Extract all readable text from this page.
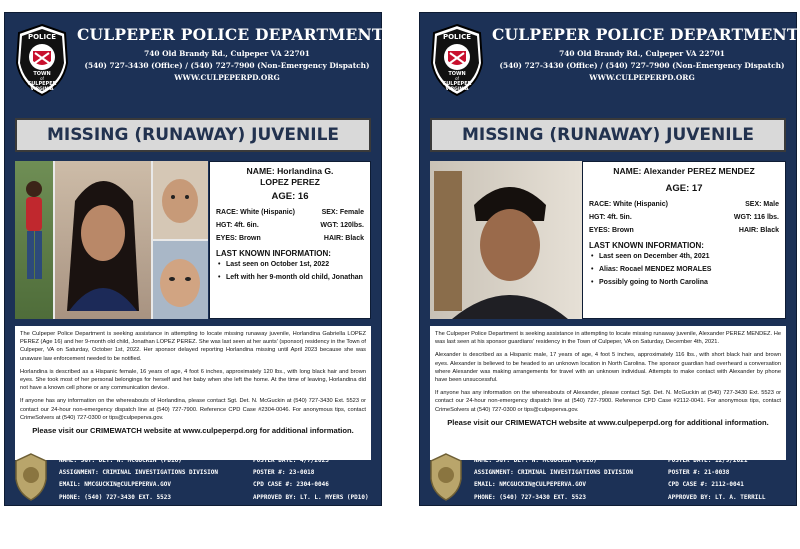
POLICE
TOWN
of
CULPEPER
VIRGINIA
CULPEPER POLICE DEPARTMENT
740 Old Brandy Rd., Culpeper VA 22701
(540) 727-3430 (Office) / (540) 727-7900 (Non-Emergency Dispatch)
WWW.CULPEPERPD.ORG
MISSING (RUNAWAY) JUVENILE
NAME: Horlandina G.
LOPEZ PEREZ
AGE: 16
RACE: White (Hispanic)	SEX: Female
HGT: 4ft. 6in.	WGT: 120lbs.
EYES: Brown	HAIR: Black
LAST KNOWN INFORMATION:
• Last seen on October 1st, 2022
• Left with her 9-month old child, Jonathan

The Culpeper Police Department is seeking assistance in attempting to locate missing runaway juvenile, Horlandina Gabriella LOPEZ PEREZ (Age 16) and her 9-month old child, Jonathan LOPEZ PEREZ. She was last seen at her aunts' (sponsor) residency in the Town of Culpeper, VA on Saturday, October 1st, 2022. Her sponsor delayed reporting Horlandina missing until April 2023 because she was unaware law enforcement needed to be notified.

Horlandina is described as a Hispanic female, 16 years of age, 4 foot 6 inches, approximately 120 lbs., with long black hair and brown eyes. She took most of her personal belongings for herself and her baby when she left the home. At the time of leaving, Horlandina did not have a known cell phone or any communication device.

If anyone has any information on the whereabouts of Horlandina, please contact Sgt. Det. N. McGuckin at (540) 727-3430 Ext. 5523 or contact our 24-hour non-emergency dispatch line at (540) 727-7900. Reference CPD Case #2304-0046. For anonymous tips, contact CrimeSolvers at (540) 727-0300 or tips@culpeperva.gov.

Please visit our CRIMEWATCH website at www.culpeperpd.org for additional information.
NAME: SGT. DET. N. MCGUCKIN (PD16)
ASSIGNMENT: CRIMINAL INVESTIGATIONS DIVISION
EMAIL: NMCGUCKIN@CULPEPERVA.GOV
PHONE: (540) 727-3430 EXT. 5523
POSTER DATE: 4/7/2023
POSTER #: 23-0018
CPD CASE #: 2304-0046
APPROVED BY: LT. L. MYERS (PD10)
POLICE
TOWN
of
CULPEPER
VIRGINIA
CULPEPER POLICE DEPARTMENT
740 Old Brandy Rd., Culpeper VA 22701
(540) 727-3430 (Office) / (540) 727-7900 (Non-Emergency Dispatch)
WWW.CULPEPERPD.ORG
MISSING (RUNAWAY) JUVENILE
NAME: Alexander PEREZ MENDEZ
AGE: 17
RACE: White (Hispanic)	SEX: Male
HGT: 4ft. 5in.	WGT: 116 lbs.
EYES: Brown	HAIR: Black
LAST KNOWN INFORMATION:
• Last seen on December 4th, 2021
• Alias: Rocael MENDEZ MORALES
• Possibly going to North Carolina

The Culpeper Police Department is seeking assistance in attempting to locate missing runaway juvenile, Alexander PEREZ MENDEZ. He was last seen at his sponsor guardians' residency in the Town of Culpeper, VA on Saturday, December 4th, 2021.

Alexander is described as a Hispanic male, 17 years of age, 4 foot 5 inches, approximately 116 lbs., with short black hair and brown eyes. Alexander is believed to be headed to an unknown location in North Carolina. The sponsor guardian had overheard a conversation where Alexander was making arrangements for travel with an unknown individual. Attempts to make contact with Alexander by phone have been unsuccessful.

If anyone has any information on the whereabouts of Alexander, please contact Sgt. Det. N. McGuckin at (540) 727-3430 Ext. 5523 or contact our 24-hour non-emergency dispatch line at (540) 727-7900. Reference CPD Case #2112-0041. For anonymous tips, contact CrimeSolvers at (540) 727-0300 or tips@culpeperva.gov.

Please visit our CRIMEWATCH website at www.culpeperpd.org for additional information.
NAME: SGT. DET. N. MCGUCKIN (PD16)
ASSIGNMENT: CRIMINAL INVESTIGATIONS DIVISION
EMAIL: NMCGUCKIN@CULPEPERVA.GOV
PHONE: (540) 727-3430 EXT. 5523
POSTER DATE: 12/9/2021
POSTER #: 21-0038
CPD CASE #: 2112-0041
APPROVED BY: LT. A. TERRILL
